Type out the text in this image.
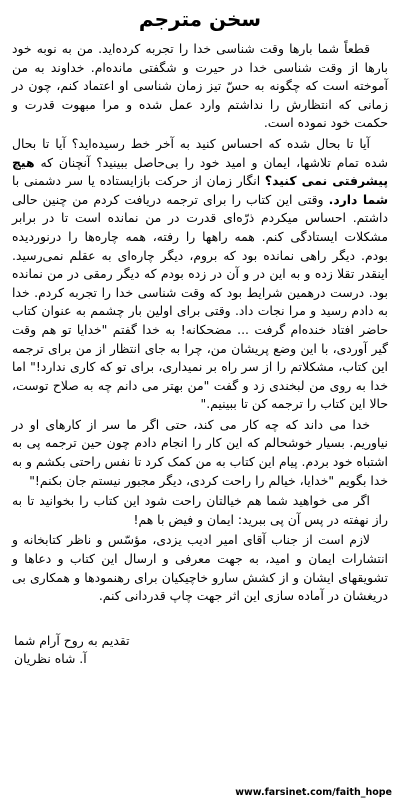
سخن مترجم

قطعاً شما بارها وقت شناسی خدا را تجربه کرده‌اید. من به نوبه خود بارها از وقت شناسی خدا در حیرت و شگفتی مانده‌ام. خداوند به من آموخته است که چگونه به حسّ تیز زمان شناسی او اعتماد کنم، چون در زمانی که انتظارش را نداشتم وارد عمل شده و مرا مبهوت قدرت و حکمت خود نموده است.

آیا تا بحال شده که احساس کنید به آخر خط رسیده‌اید؟ آیا تا بحال شده تمام تلاشها، ایمان و امید خود را بی‌حاصل ببینید؟ آنچنان که هیچ پیشرفتی نمی کنید؟ انگار زمان از حرکت بازایستاده یا سر دشمنی با شما دارد. وقتی این کتاب را برای ترجمه دریافت کردم من چنین حالی داشتم. احساس میکردم ذرّه‌ای قدرت در من نمانده است تا در برابر مشکلات ایستادگی کنم. همه راهها را رفته، همه چاره‌ها را درنوردیده بودم. دیگر راهی نمانده بود که بروم، دیگر چاره‌ای به عقلم نمی‌رسید. اینقدر تقلا زده و به این در و آن در زده بودم که دیگر رمقی در من نمانده بود. درست درهمین شرایط بود که وقت شناسی خدا را تجربه کردم. خدا به دادم رسید و مرا نجات داد. وقتی برای اولین بار چشمم به عنوان کتاب حاضر افتاد خنده‌ام گرفت ... مضحکانه! به خدا گفتم "خدایا تو هم وقت گیر آوردی، با این وضع پریشان من، چرا به جای انتظار از من برای ترجمه این کتاب، مشکلاتم را از سر راه بر نمیداری، برای تو که کاری ندارد!" اما خدا به روی من لبخندی زد و گفت "من بهتر می دانم چه به صلاح توست، حالا این کتاب را ترجمه کن تا ببینیم."

خدا می داند که چه کار می کند، حتی اگر ما سر از کارهای او در نیاوریم. بسیار خوشحالم که این کار را انجام دادم چون حین ترجمه پی به اشتباه خود بردم. پیام این کتاب به من کمک کرد تا نفس راحتی بکشم و به خدا بگویم "خدایا، خیالم را راحت کردی، دیگر مجبور نیستم جان بکنم!"

اگر می خواهید شما هم خیالتان راحت شود این کتاب را بخوانید تا به راز نهفته در پس آن پی ببرید: ایمان و فیض با هم!

لازم است از جناب آقای امیر ادیب یزدی، مؤسّس و ناظر کتابخانه و انتشارات ایمان و امید، به جهت معرفی و ارسال این کتاب و دعاها و تشویقهای ایشان و از کشش سارو خاچیکیان برای رهنمودها و همکاری بی دریغشان در آماده سازی این اثر جهت چاپ قدردانی کنم.

تقدیم به روح آرام شما
آ. شاه نظریان
www.farsinet.com/faith_hope
